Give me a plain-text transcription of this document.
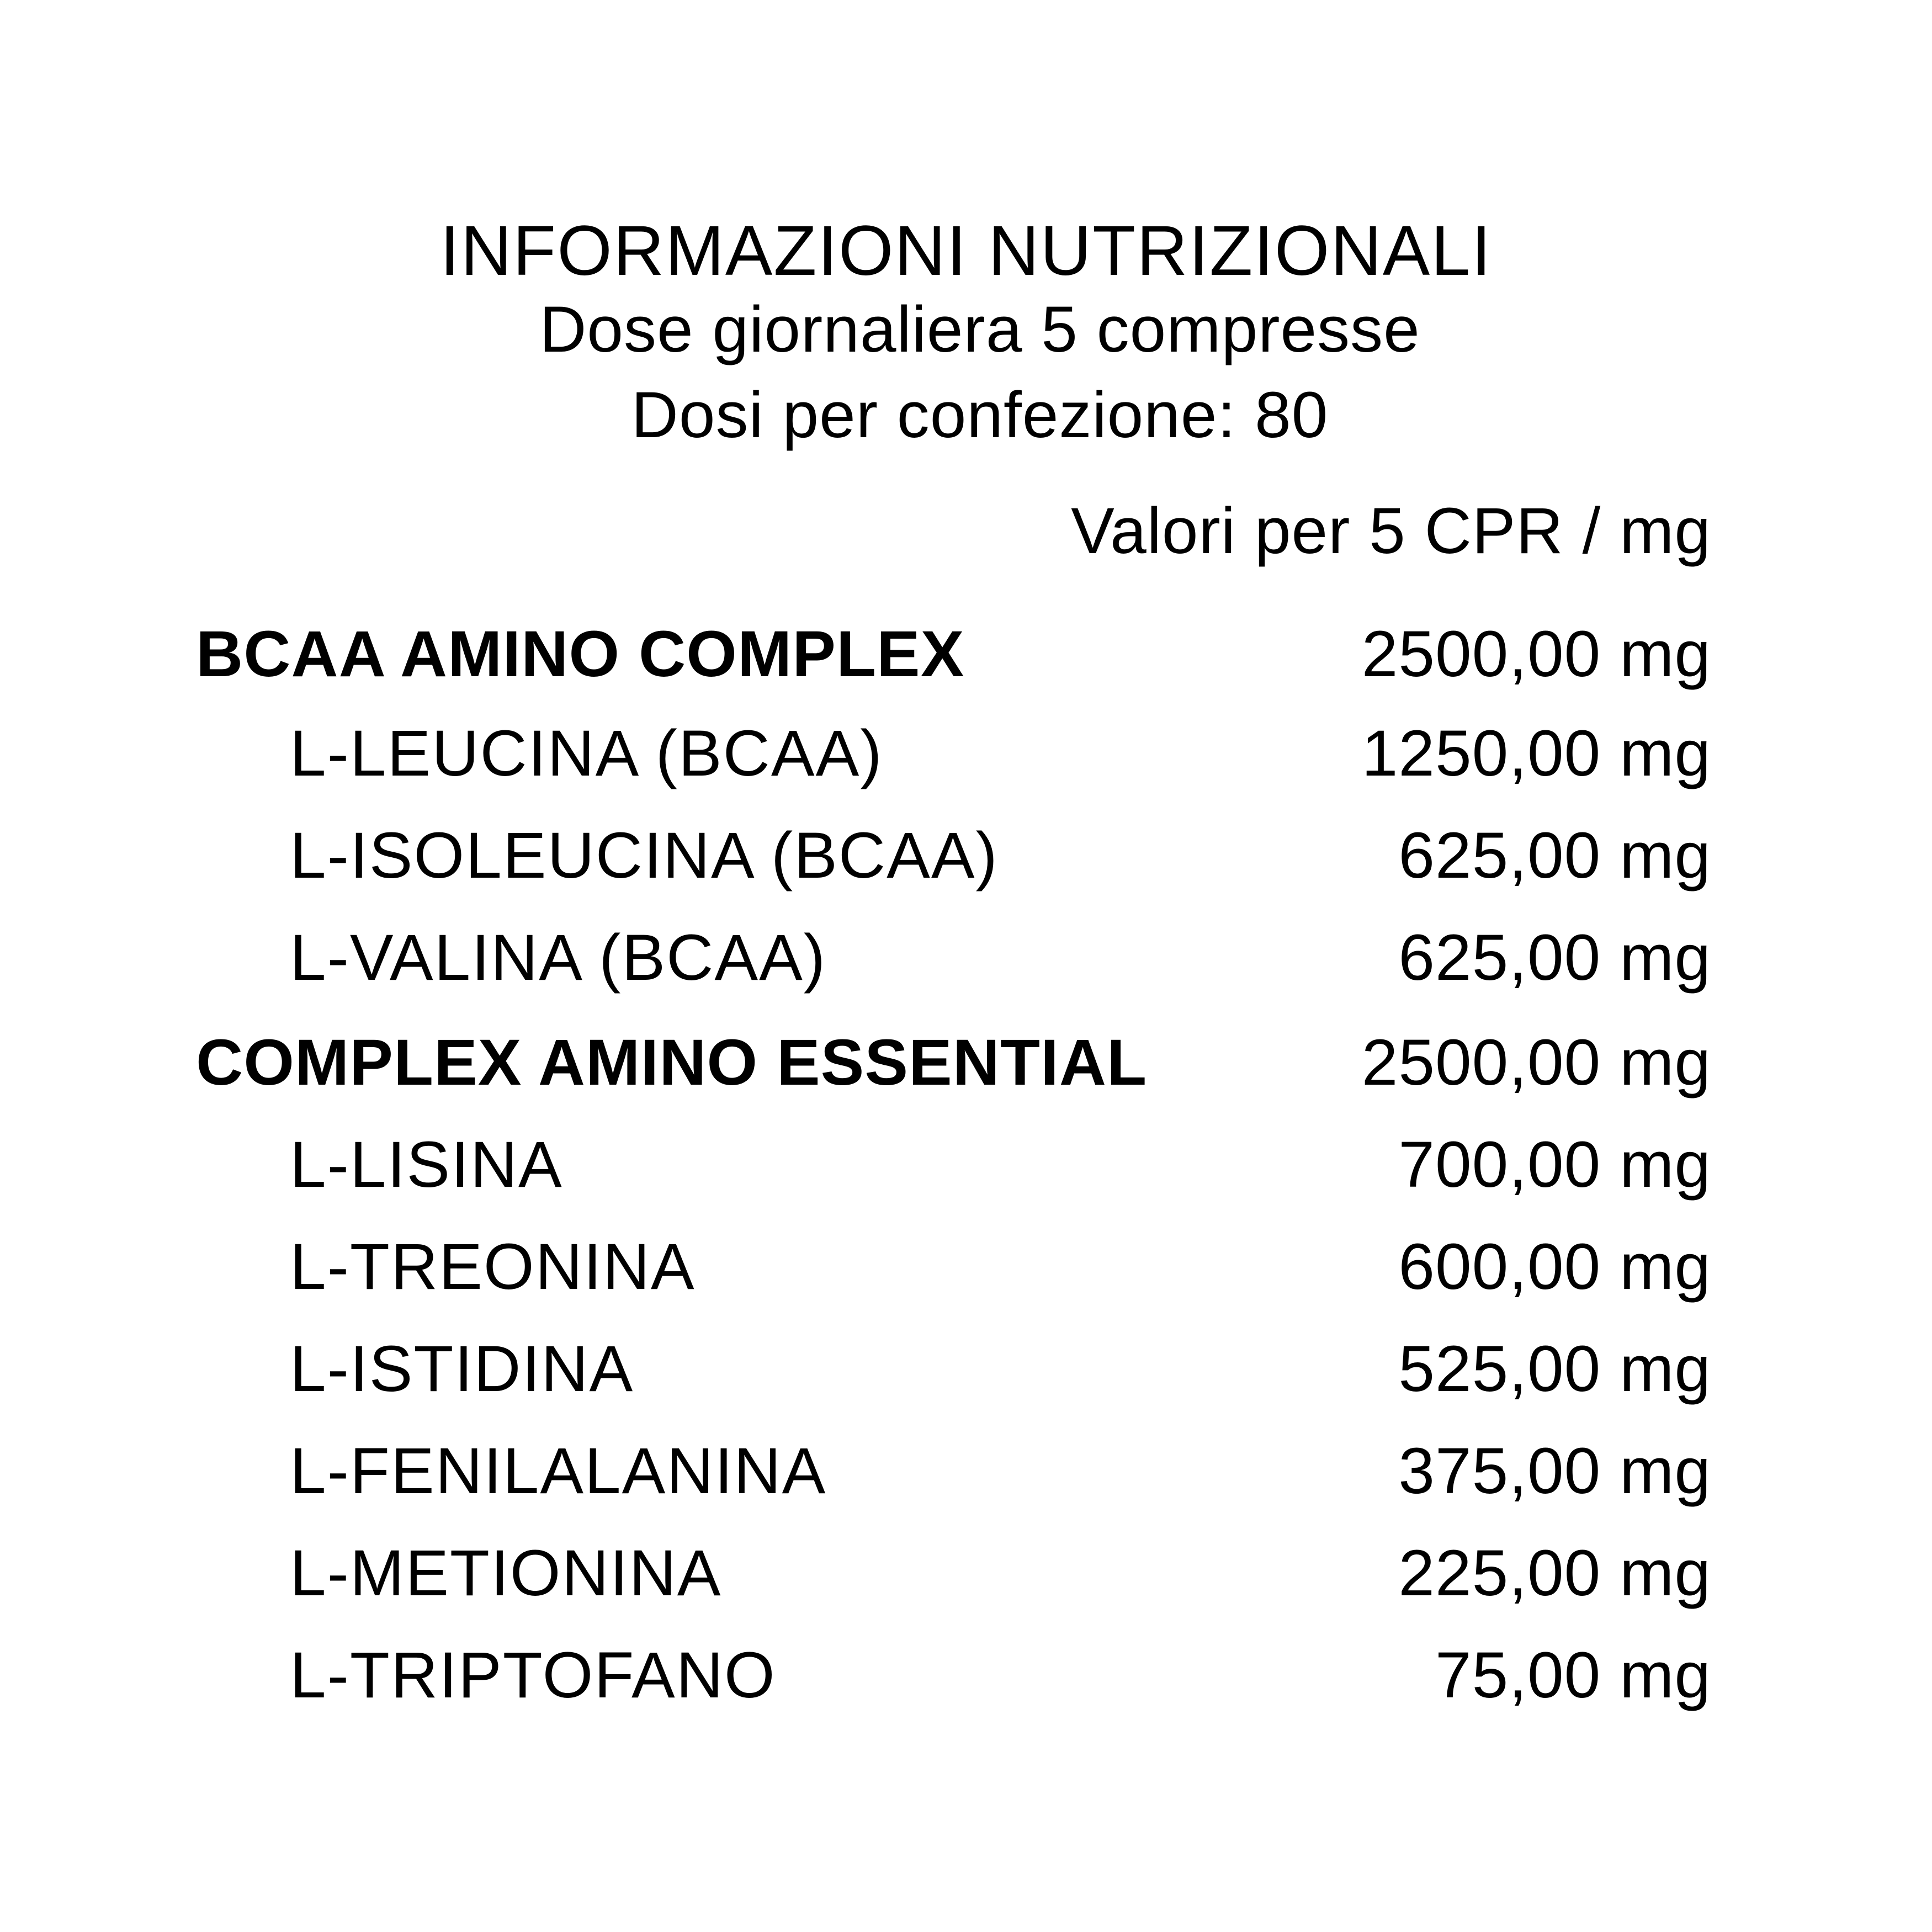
INFORMAZIONI NUTRIZIONALI
Dose giornaliera 5 compresse
Dosi per confezione: 80
Valori per 5 CPR / mg
BCAA AMINO COMPLEX	2500,00 mg
L-LEUCINA (BCAA)	1250,00 mg
L-ISOLEUCINA (BCAA)	625,00 mg
L-VALINA (BCAA)	625,00 mg
COMPLEX AMINO ESSENTIAL	2500,00 mg
L-LISINA	700,00 mg
L-TREONINA	600,00 mg
L-ISTIDINA	525,00 mg
L-FENILALANINA	375,00 mg
L-METIONINA	225,00 mg
L-TRIPTOFANO	75,00 mg
